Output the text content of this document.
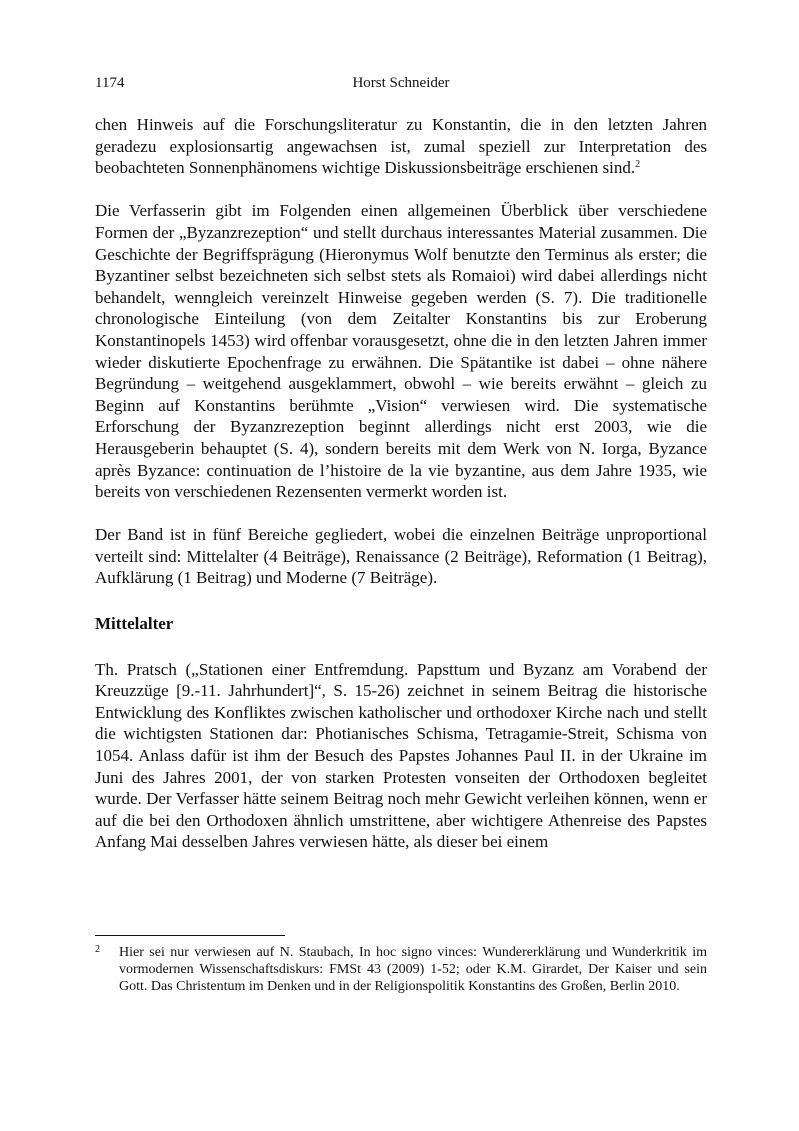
1174	Horst Schneider

chen Hinweis auf die Forschungsliteratur zu Konstantin, die in den letzten Jahren geradezu explosionsartig angewachsen ist, zumal speziell zur Interpretation des beobachteten Sonnenphänomens wichtige Diskussionsbeiträge erschienen sind.$^2$

Die Verfasserin gibt im Folgenden einen allgemeinen Überblick über verschiedene Formen der „Byzanzrezeption“ und stellt durchaus interessantes Material zusammen. Die Geschichte der Begriffsprägung (Hieronymus Wolf benutzte den Terminus als erster; die Byzantiner selbst bezeichneten sich selbst stets als Romaioi) wird dabei allerdings nicht behandelt, wenngleich vereinzelt Hinweise gegeben werden (S. 7). Die traditionelle chronologische Einteilung (von dem Zeitalter Konstantins bis zur Eroberung Konstantinopels 1453) wird offenbar vorausgesetzt, ohne die in den letzten Jahren immer wieder diskutierte Epochenfrage zu erwähnen. Die Spätantike ist dabei – ohne nähere Begründung – weitgehend ausgeklammert, obwohl – wie bereits erwähnt – gleich zu Beginn auf Konstantins berühmte „Vision“ verwiesen wird. Die systematische Erforschung der Byzanzrezeption beginnt allerdings nicht erst 2003, wie die Herausgeberin behauptet (S. 4), sondern bereits mit dem Werk von N. Iorga, Byzance après Byzance: continuation de l’histoire de la vie byzantine, aus dem Jahre 1935, wie bereits von verschiedenen Rezensenten vermerkt worden ist.

Der Band ist in fünf Bereiche gegliedert, wobei die einzelnen Beiträge unproportional verteilt sind: Mittelalter (4 Beiträge), Renaissance (2 Beiträge), Reformation (1 Beitrag), Aufklärung (1 Beitrag) und Moderne (7 Beiträge).

Mittelalter

Th. Pratsch („Stationen einer Entfremdung. Papsttum und Byzanz am Vorabend der Kreuzzüge [9.-11. Jahrhundert]“, S. 15-26) zeichnet in seinem Beitrag die historische Entwicklung des Konfliktes zwischen katholischer und orthodoxer Kirche nach und stellt die wichtigsten Stationen dar: Photianisches Schisma, Tetragamie-Streit, Schisma von 1054. Anlass dafür ist ihm der Besuch des Papstes Johannes Paul II. in der Ukraine im Juni des Jahres 2001, der von starken Protesten vonseiten der Orthodoxen begleitet wurde. Der Verfasser hätte seinem Beitrag noch mehr Gewicht verleihen können, wenn er auf die bei den Orthodoxen ähnlich umstrittene, aber wichtigere Athenreise des Papstes Anfang Mai desselben Jahres verwiesen hätte, als dieser bei einem

2 Hier sei nur verwiesen auf N. Staubach, In hoc signo vinces: Wundererklärung und Wunderkritik im vormodernen Wissenschaftsdiskurs: FMSt 43 (2009) 1-52; oder K.M. Girardet, Der Kaiser und sein Gott. Das Christentum im Denken und in der Religionspolitik Konstantins des Großen, Berlin 2010.
